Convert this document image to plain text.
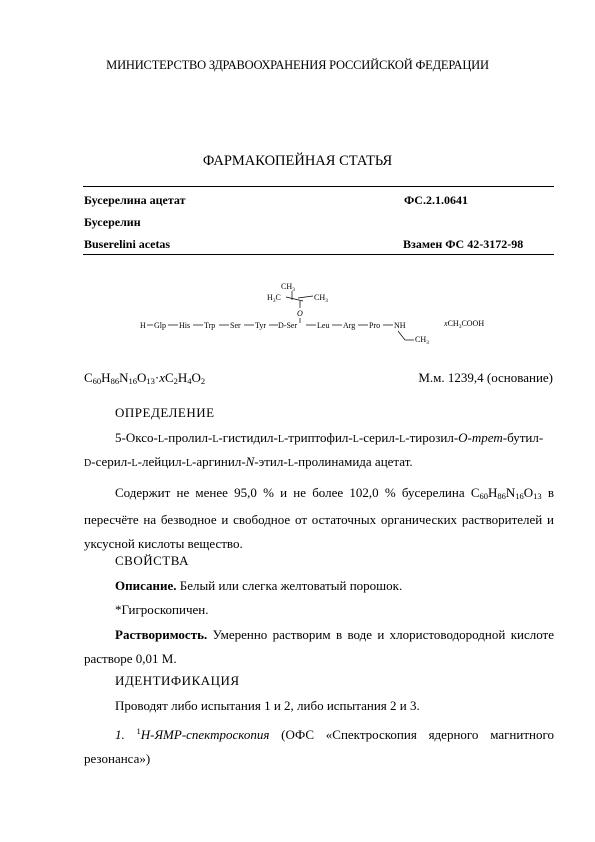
МИНИСТЕРСТВО ЗДРАВООХРАНЕНИЯ РОССИЙСКОЙ ФЕДЕРАЦИИ
ФАРМАКОПЕЙНАЯ СТАТЬЯ
Бусерелина ацетат	ФС.2.1.0641
Бусерелин
Buserelini acetas	Взамен ФС 42-3172-98
$CH_3$
$H_3C$	$CH_3$
O
H Glp His Trp Ser Tyr D-Ser Leu Arg Pro NH
$CH_3$
xCH$_3$COOH
$C_{60}H_{86}N_{16}O_{13}\cdot xC_2H_4O_2$	М.м. 1239,4 (основание)
ОПРЕДЕЛЕНИЕ
5-Оксо-L-пролил-L-гистидил-L-триптофил-L-серил-L-тирозил-O-трет-бутил-D-серил-L-лейцил-L-аргинил-N-этил-L-пролинамида ацетат.
Содержит не менее 95,0 % и не более 102,0 % бусерелина $C_{60}H_{86}N_{16}O_{13}$ в пересчёте на безводное и свободное от остаточных органических растворителей и уксусной кислоты вещество.
СВОЙСТВА
Описание. Белый или слегка желтоватый порошок.
*Гигроскопичен.
Растворимость. Умеренно растворим в воде и хлористоводородной кислоте растворе 0,01 М.
ИДЕНТИФИКАЦИЯ
Проводят либо испытания 1 и 2, либо испытания 2 и 3.
1. $^1$H-ЯМР-спектроскопия (ОФС «Спектроскопия ядерного магнитного резонанса»)
